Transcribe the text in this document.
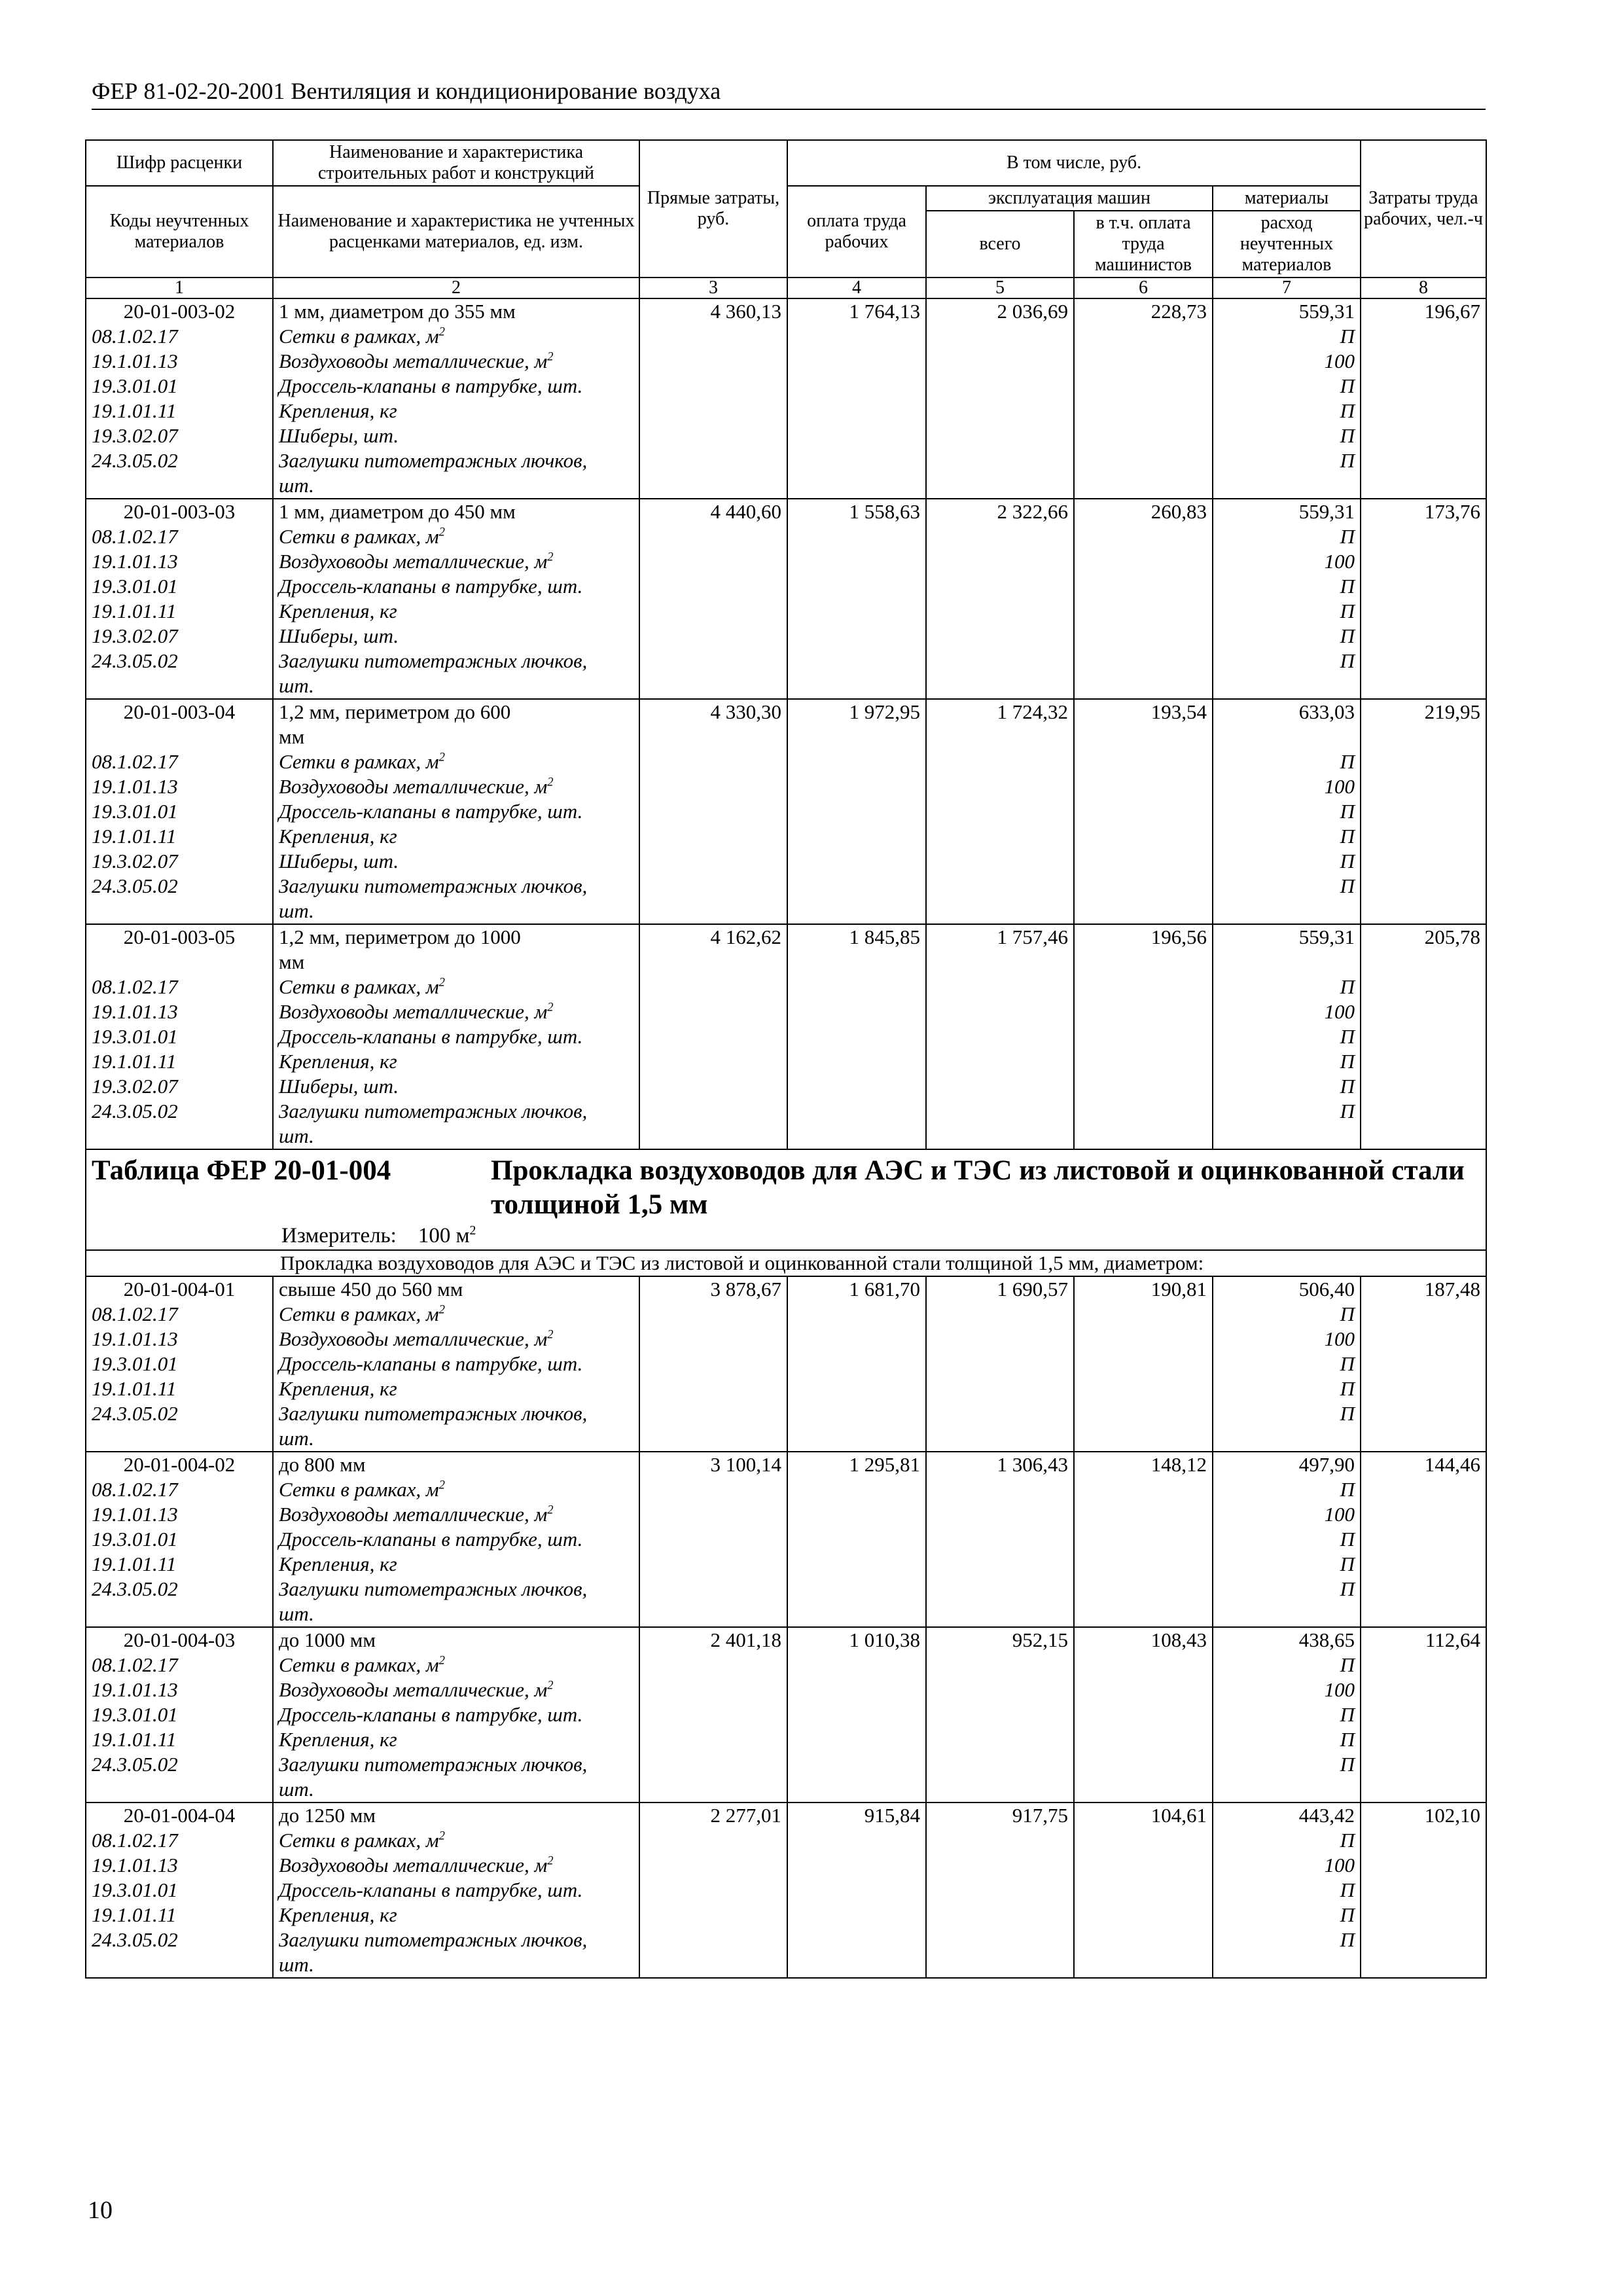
ФЕР 81-02-20-2001 Вентиляция и кондиционирование воздуха
Шифр расценки	Наименование и характеристика строительных работ и конструкций	Прямые затраты, руб.	В том числе, руб.				Затраты труда рабочих, чел.-ч
Коды неучтенных материалов	Наименование и характеристика не учтенных расценками материалов, ед. изм.		оплата труда рабочих	эксплуатация машин		материалы	
				всего	в т.ч. оплата труда машинистов	расход неучтенных материалов	
1	2	3	4	5	6	7	8
20-01-003-02	1 мм, диаметром до 355 мм	4 360,13	1 764,13	2 036,69	228,73	559,31	196,67
08.1.02.17	Сетки в рамках, $м^2$					П	
19.1.01.13	Воздуховоды металлические, $м^2$					100	
19.3.01.01	Дроссель-клапаны в патрубке, шт.					П	
19.1.01.11	Крепления, кг					П	
19.3.02.07	Шиберы, шт.					П	
24.3.05.02	Заглушки питометражных лючков,					П	
	шт.						
20-01-003-03	1 мм, диаметром до 450 мм	4 440,60	1 558,63	2 322,66	260,83	559,31	173,76
08.1.02.17	Сетки в рамках, $м^2$					П	
19.1.01.13	Воздуховоды металлические, $м^2$					100	
19.3.01.01	Дроссель-клапаны в патрубке, шт.					П	
19.1.01.11	Крепления, кг					П	
19.3.02.07	Шиберы, шт.					П	
24.3.05.02	Заглушки питометражных лючков,					П	
	шт.						
20-01-003-04	1,2 мм, периметром до 600	4 330,30	1 972,95	1 724,32	193,54	633,03	219,95
	мм						
08.1.02.17	Сетки в рамках, $м^2$					П	
19.1.01.13	Воздуховоды металлические, $м^2$					100	
19.3.01.01	Дроссель-клапаны в патрубке, шт.					П	
19.1.01.11	Крепления, кг					П	
19.3.02.07	Шиберы, шт.					П	
24.3.05.02	Заглушки питометражных лючков,					П	
	шт.						
20-01-003-05	1,2 мм, периметром до 1000	4 162,62	1 845,85	1 757,46	196,56	559,31	205,78
	мм						
08.1.02.17	Сетки в рамках, $м^2$					П	
19.1.01.13	Воздуховоды металлические, $м^2$					100	
19.3.01.01	Дроссель-клапаны в патрубке, шт.					П	
19.1.01.11	Крепления, кг					П	
19.3.02.07	Шиберы, шт.					П	
24.3.05.02	Заглушки питометражных лючков,					П	
	шт.						

Таблица ФЕР 20-01-004 Прокладка воздуховодов для АЭС и ТЭС из листовой и оцинкованной стали толщиной 1,5 мм
Измеритель: 100 $м^2$

Прокладка воздуховодов для АЭС и ТЭС из листовой и оцинкованной стали толщиной 1,5 мм, диаметром:							
20-01-004-01	свыше 450 до 560 мм	3 878,67	1 681,70	1 690,57	190,81	506,40	187,48
08.1.02.17	Сетки в рамках, $м^2$					П	
19.1.01.13	Воздуховоды металлические, $м^2$					100	
19.3.01.01	Дроссель-клапаны в патрубке, шт.					П	
19.1.01.11	Крепления, кг					П	
24.3.05.02	Заглушки питометражных лючков,					П	
	шт.						
20-01-004-02	до 800 мм	3 100,14	1 295,81	1 306,43	148,12	497,90	144,46
08.1.02.17	Сетки в рамках, $м^2$					П	
19.1.01.13	Воздуховоды металлические, $м^2$					100	
19.3.01.01	Дроссель-клапаны в патрубке, шт.					П	
19.1.01.11	Крепления, кг					П	
24.3.05.02	Заглушки питометражных лючков,					П	
	шт.						
20-01-004-03	до 1000 мм	2 401,18	1 010,38	952,15	108,43	438,65	112,64
08.1.02.17	Сетки в рамках, $м^2$					П	
19.1.01.13	Воздуховоды металлические, $м^2$					100	
19.3.01.01	Дроссель-клапаны в патрубке, шт.					П	
19.1.01.11	Крепления, кг					П	
24.3.05.02	Заглушки питометражных лючков,					П	
	шт.						
20-01-004-04	до 1250 мм	2 277,01	915,84	917,75	104,61	443,42	102,10
08.1.02.17	Сетки в рамках, $м^2$					П	
19.1.01.13	Воздуховоды металлические, $м^2$					100	
19.3.01.01	Дроссель-клапаны в патрубке, шт.					П	
19.1.01.11	Крепления, кг					П	
24.3.05.02	Заглушки питометражных лючков,					П	
	шт.						
10
